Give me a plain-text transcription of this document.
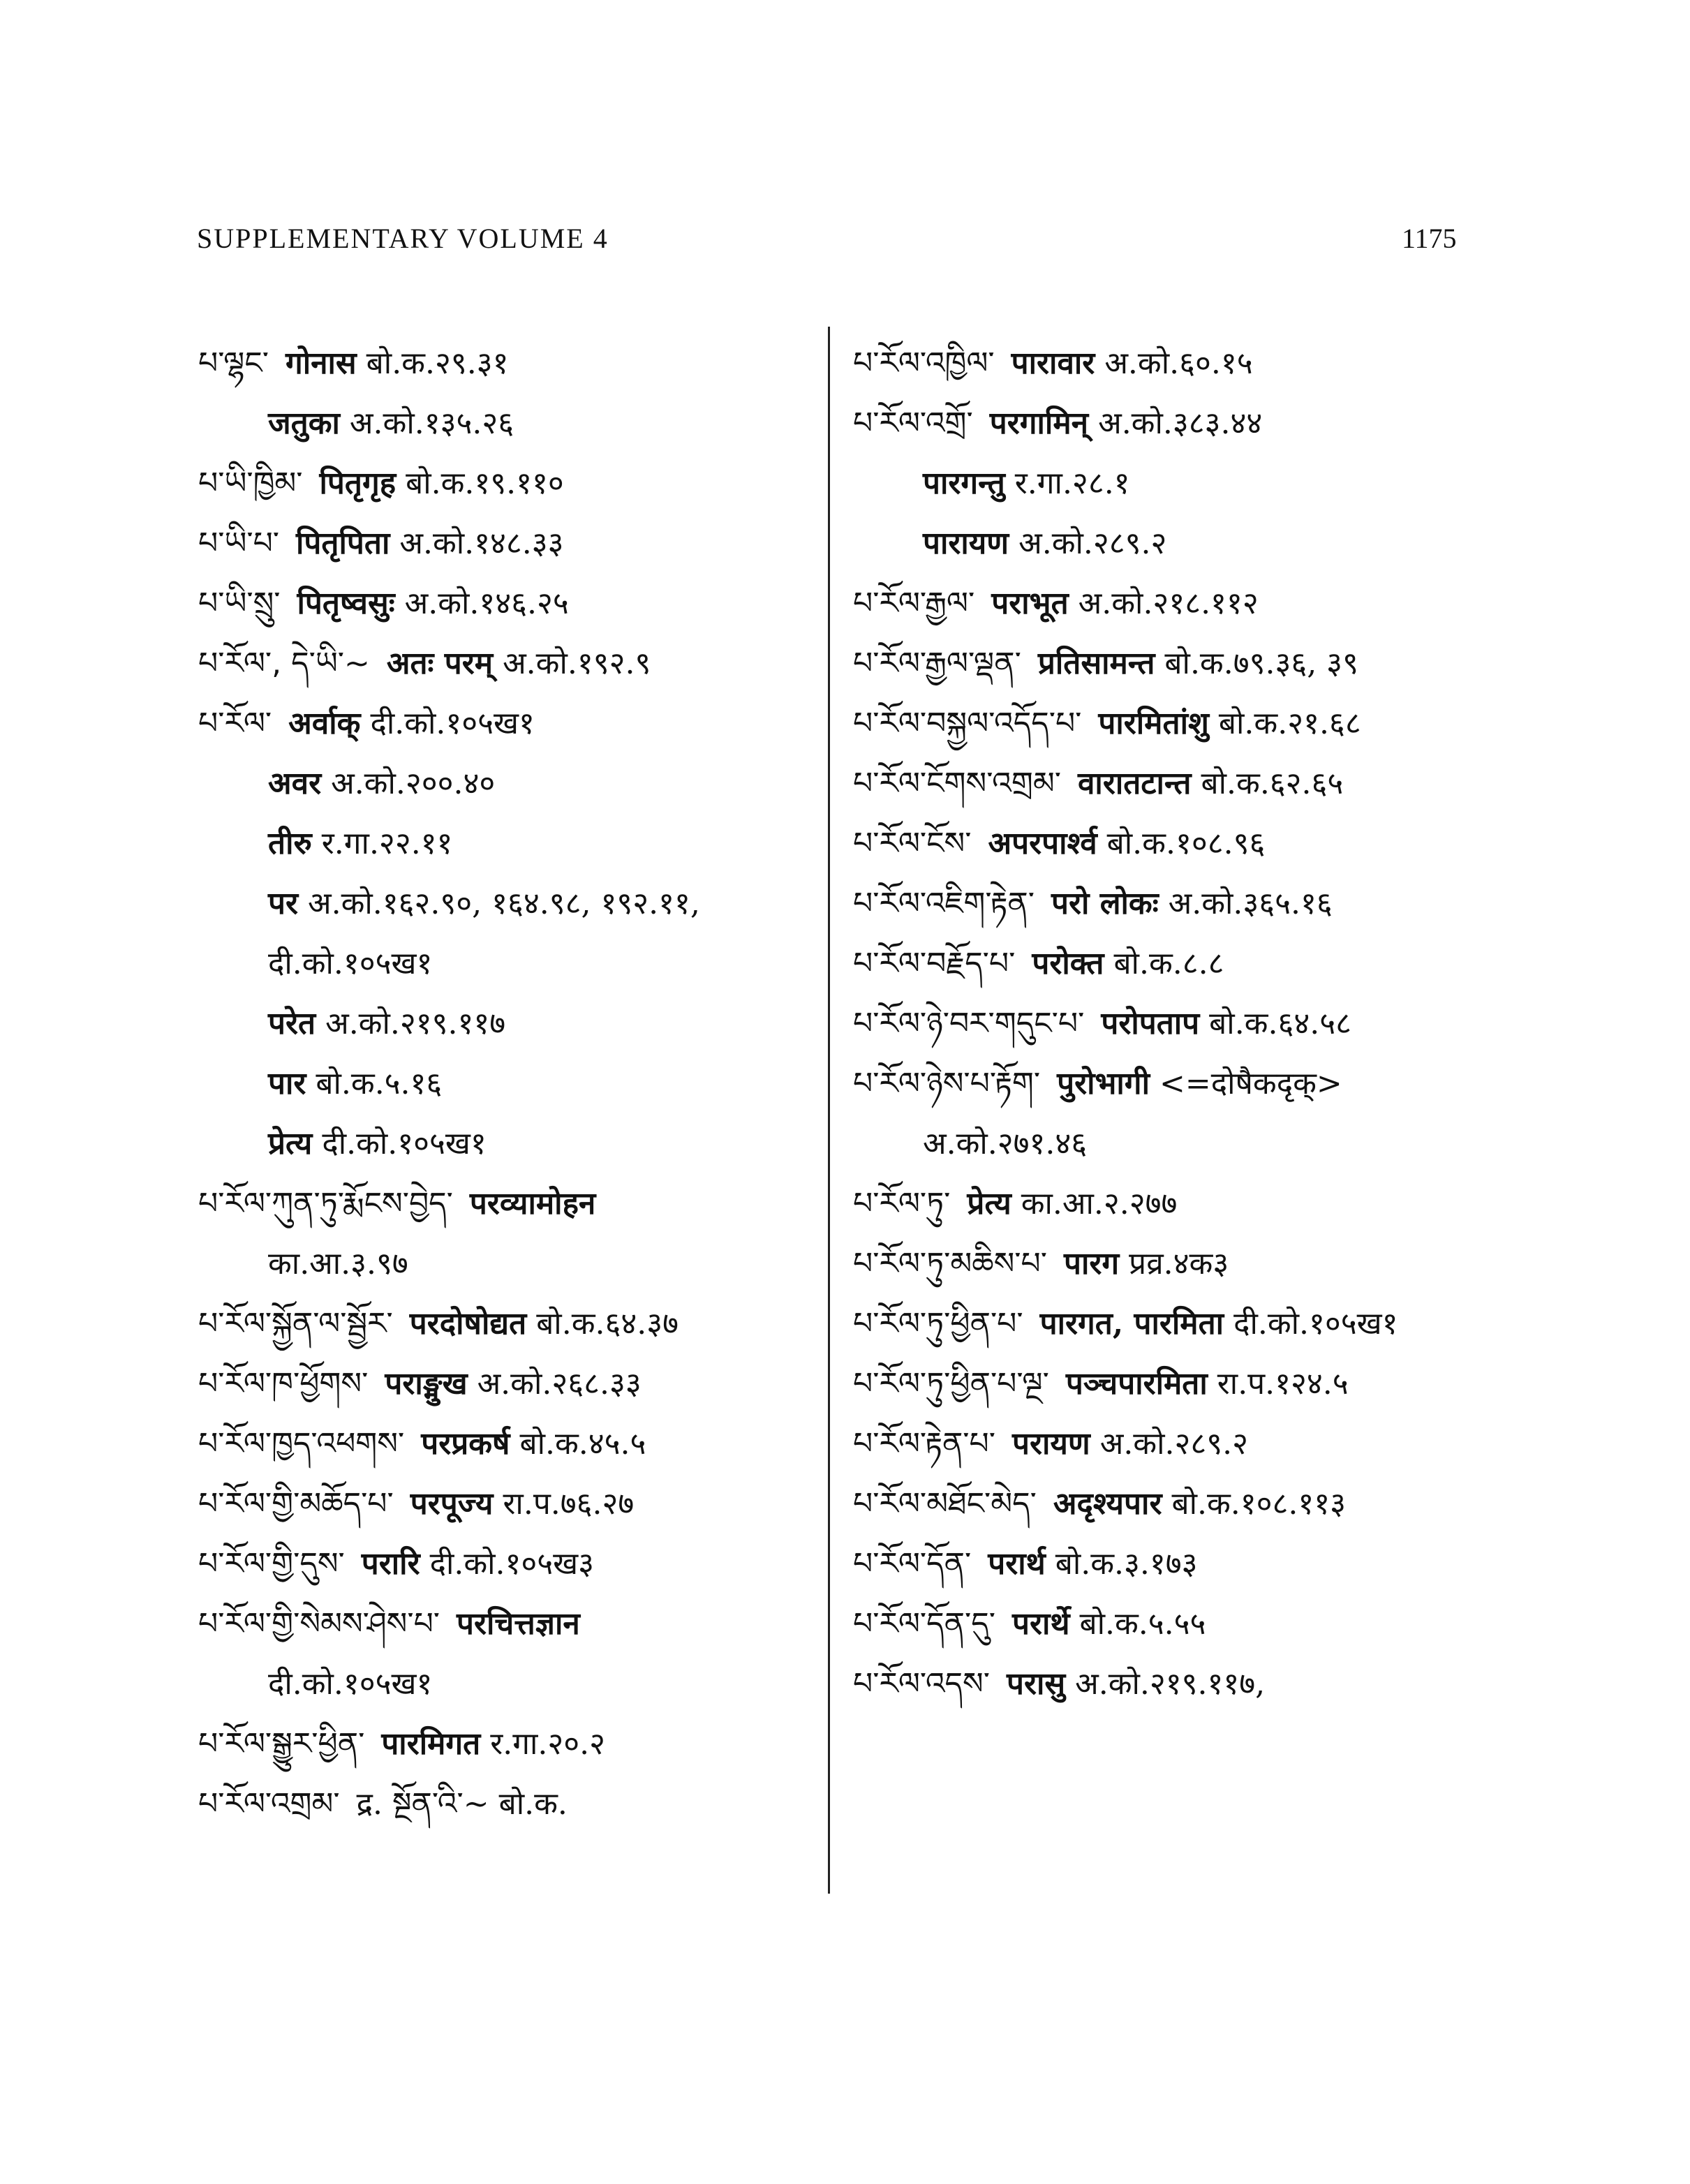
SUPPLEMENTARY VOLUME 4	1175
པ་ལྷང་ गोनास बो.क.२९.३१
जतुका अ.को.१३५.२६
པ་ཡི་ཁྱིམ་ पितृगृह बो.क.१९.११०
པ་ཡི་པ་ पितृपिता अ.को.१४८.३३
པ་ཡི་སྲུ་ पितृष्वसुः अ.को.१४६.२५
པ་རོལ་, དེ་ཡི་~ अतः परम् अ.को.१९२.९
པ་རོལ་ अर्वाक् दी.को.१०५ख१
अवर अ.को.२००.४०
तीरु र.गा.२२.११
पर अ.को.१६२.९०, १६४.९८, १९२.११,
दी.को.१०५ख१
परेत अ.को.२१९.११७
पार बो.क.५.१६
प्रेत्य दी.को.१०५ख१
པ་རོལ་ཀུན་ཏུ་རྨོངས་བྱེད་ परव्यामोहन
का.आ.३.९७
པ་རོལ་སྐྱོན་ལ་སྦྱོར་ परदोषोद्यत बो.क.६४.३७
པ་རོལ་ཁ་ཕྱོགས་ पराङ्मुख अ.को.२६८.३३
པ་རོལ་ཁྱད་འཕགས་ परप्रकर्ष बो.क.४५.५
པ་རོལ་གྱི་མཆོད་པ་ परपूज्य रा.प.७६.२७
པ་རོལ་གྱི་དུས་ परारि दी.को.१०५ख३
པ་རོལ་གྱི་སེམས་ཤེས་པ་ परचित्तज्ञान
दी.को.१०५ख१
པ་རོལ་སྒྱུར་ཕྱིན་ पारमिगत र.गा.२०.२
པ་རོལ་འགྲམ་ द्र. སྔོན་འི་~ बो.क.
པ་རོལ་འཁྱིལ་ पारावार अ.को.६०.१५
པ་རོལ་འགྲོ་ परगामिन् अ.को.३८३.४४
पारगन्तु र.गा.२८.१
पारायण अ.को.२८९.२
པ་རོལ་རྒྱལ་ पराभूत अ.को.२१८.११२
པ་རོལ་རྒྱལ་ལྡན་ प्रतिसामन्त बो.क.७९.३६, ३९
པ་རོལ་བསྐྱལ་འདོད་པ་ पारमितांशु बो.क.२१.६८
པ་རོལ་ངོགས་འགྲམ་ वारातटान्त बो.क.६२.६५
པ་རོལ་ངོས་ अपरपार्श्व बो.क.१०८.९६
པ་རོལ་འཇིག་རྟེན་ परो लोकः अ.को.३६५.१६
པ་རོལ་བརྗོད་པ་ परोक्त बो.क.८.८
པ་རོལ་ཉེ་བར་གདུང་པ་ परोपताप बो.क.६४.५८
པ་རོལ་ཉེས་པ་རྟོག་ पुरोभागी <=दोषैकदृक्>
अ.को.२७१.४६
པ་རོལ་ཏུ་ प्रेत्य का.आ.२.२७७
པ་རོལ་ཏུ་མཆིས་པ་ पारग प्रव्र.४क३
པ་རོལ་ཏུ་ཕྱིན་པ་ पारगत, पारमिता दी.को.१०५ख१
པ་རོལ་ཏུ་ཕྱིན་པ་ལྔ་ पञ्चपारमिता रा.प.१२४.५
པ་རོལ་རྟེན་པ་ परायण अ.को.२८९.२
པ་རོལ་མཐོང་མེད་ अदृश्यपार बो.क.१०८.११३
པ་རོལ་དོན་ परार्थ बो.क.३.१७३
པ་རོལ་དོན་དུ་ परार्थे बो.क.५.५५
པ་རོལ་འདས་ परासु अ.को.२१९.११७,
